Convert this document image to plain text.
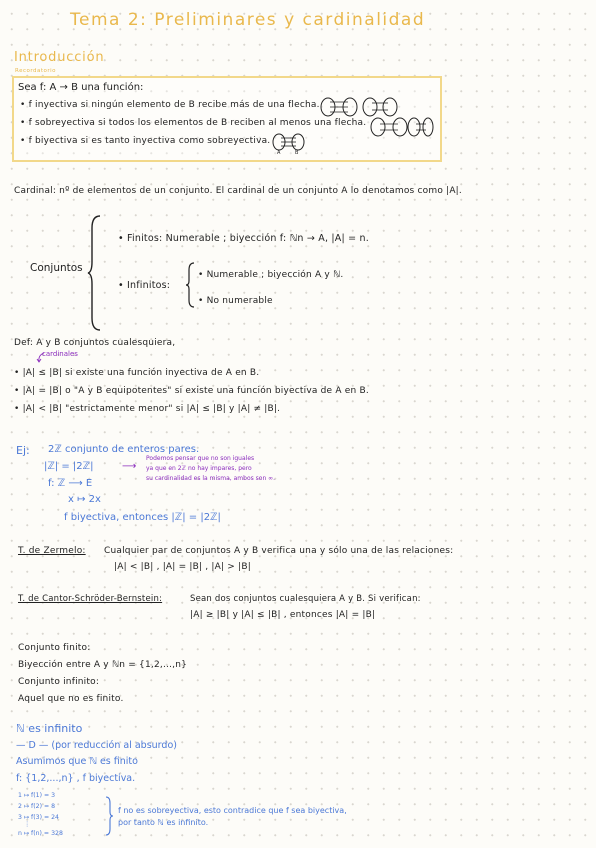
Tema 2: Preliminares y cardinalidad
Introducción
Recordatorio
Sea f: A → B una función:
• f inyectiva si ningún elemento de B recibe más de una flecha.
• f sobreyectiva si todos los elementos de B reciben al menos una flecha.
• f biyectiva si es tanto inyectiva como sobreyectiva.
A	B
Cardinal: nº de elementos de un conjunto. El cardinal de un conjunto A lo denotamos como |A|.
Conjuntos
• Finitos: Numerable ; biyección f: ℕn → A, |A| = n.
• Infinitos:
• Numerable ; biyección A y ℕ.
• No numerable
Def: A y B conjuntos cualesquiera,
cardinales
• |A| ≤ |B| si existe una función inyectiva de A en B.
• |A| = |B| o "A y B equipotentes" si existe una función biyectiva de A en B.
• |A| < |B| "estrictamente menor" si |A| ≤ |B| y |A| ≠ |B|.
Ej: 2ℤ conjunto de enteros pares.
|ℤ| = |2ℤ|	⟶
Podemos pensar que no son iguales
ya que en 2ℤ no hay impares, pero
su cardinalidad es la misma, ambos son ∞.
f: ℤ ⟶ E
x ↦ 2x
f biyectiva, entonces |ℤ| = |2ℤ|
T. de Zermelo: Cualquier par de conjuntos A y B verifica una y sólo una de las relaciones:
|A| < |B| , |A| = |B| , |A| > |B|
T. de Cantor-Schröder-Bernstein:	Sean dos conjuntos cualesquiera A y B. Si verifican:
|A| ≥ |B| y |A| ≤ |B| , entonces |A| = |B|
Conjunto finito:
Biyección entre A y ℕn = {1,2,...,n}
Conjunto infinito:
Aquel que no es finito.
ℕ es infinito
— D — (por reducción al absurdo)
Asumimos que ℕ es finito
f: {1,2,...,n} , f biyectiva.
1 ↦ f(1) = 3
2 ↦ f(2) = 8
3 ↦ f(3) = 24
⋮
n ↦ f(n) = 328
f no es sobreyectiva, esto contradice que f sea biyectiva,
por tanto ℕ es infinito.
